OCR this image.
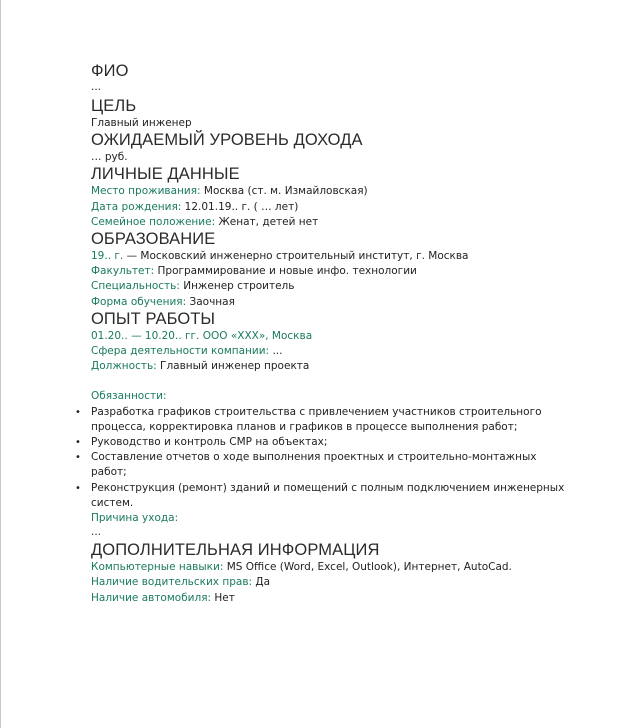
ФИО

...

ЦЕЛЬ

Главный инженер

ОЖИДАЕМЫЙ УРОВЕНЬ ДОХОДА

… руб.

ЛИЧНЫЕ ДАННЫЕ

Место проживания: Москва (ст. м. Измайловская)

Дата рождения: 12.01.19.. г. ( … лет)

Семейное положение: Женат, детей нет

ОБРАЗОВАНИЕ

19.. г. — Московский инженерно строительный институт, г. Москва

Факультет: Программирование и новые инфо. технологии

Специальность: Инженер строитель

Форма обучения: Заочная

ОПЫТ РАБОТЫ

01.20.. — 10.20.. гг. ООО «XXX», Москва

Сфера деятельности компании: ...

Должность: Главный инженер проекта

Обязанности:

• Разработка графиков строительства с привлечением участников строительного
процесса, корректировка планов и графиков в процессе выполнения работ;
• Руководство и контроль СМР на объектах;
• Составление отчетов о ходе выполнения проектных и строительно-монтажных
работ;
• Реконструкция (ремонт) зданий и помещений с полным подключением инженерных
систем.

Причина ухода:

...

ДОПОЛНИТЕЛЬНАЯ ИНФОРМАЦИЯ

Компьютерные навыки: MS Office (Word, Excel, Outlook), Интернет, AutoCad.

Наличие водительских прав: Да

Наличие автомобиля: Нет
